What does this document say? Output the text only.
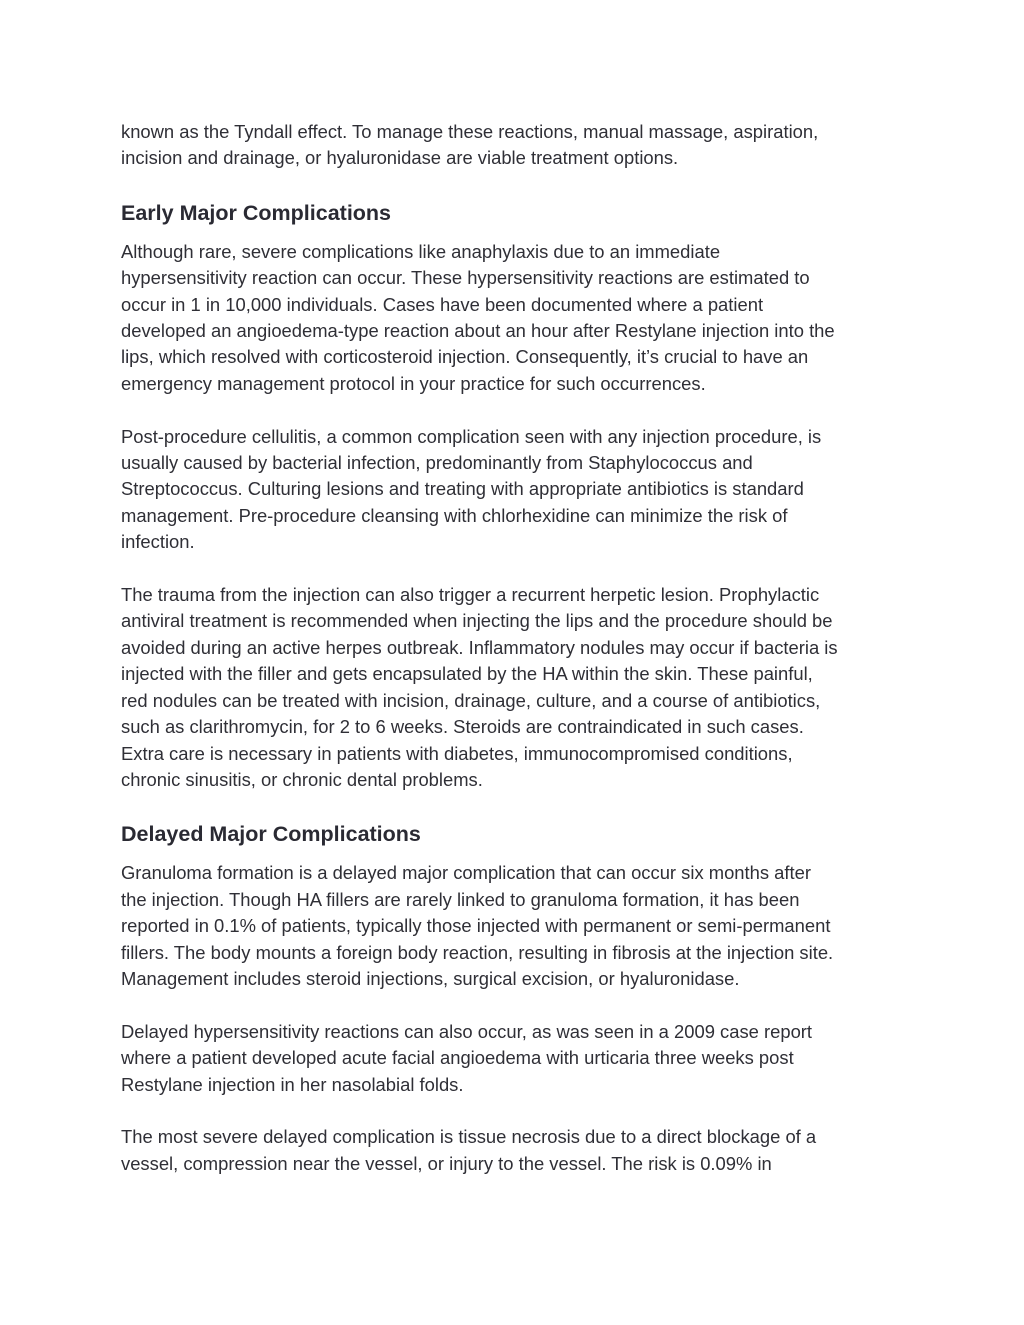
known as the Tyndall effect. To manage these reactions, manual massage, aspiration,
incision and drainage, or hyaluronidase are viable treatment options.

Early Major Complications

Although rare, severe complications like anaphylaxis due to an immediate
hypersensitivity reaction can occur. These hypersensitivity reactions are estimated to
occur in 1 in 10,000 individuals. Cases have been documented where a patient
developed an angioedema-type reaction about an hour after Restylane injection into the
lips, which resolved with corticosteroid injection. Consequently, it’s crucial to have an
emergency management protocol in your practice for such occurrences.

Post-procedure cellulitis, a common complication seen with any injection procedure, is
usually caused by bacterial infection, predominantly from Staphylococcus and
Streptococcus. Culturing lesions and treating with appropriate antibiotics is standard
management. Pre-procedure cleansing with chlorhexidine can minimize the risk of
infection.

The trauma from the injection can also trigger a recurrent herpetic lesion. Prophylactic
antiviral treatment is recommended when injecting the lips and the procedure should be
avoided during an active herpes outbreak. Inflammatory nodules may occur if bacteria is
injected with the filler and gets encapsulated by the HA within the skin. These painful,
red nodules can be treated with incision, drainage, culture, and a course of antibiotics,
such as clarithromycin, for 2 to 6 weeks. Steroids are contraindicated in such cases.
Extra care is necessary in patients with diabetes, immunocompromised conditions,
chronic sinusitis, or chronic dental problems.

Delayed Major Complications

Granuloma formation is a delayed major complication that can occur six months after
the injection. Though HA fillers are rarely linked to granuloma formation, it has been
reported in 0.1% of patients, typically those injected with permanent or semi-permanent
fillers. The body mounts a foreign body reaction, resulting in fibrosis at the injection site.
Management includes steroid injections, surgical excision, or hyaluronidase.

Delayed hypersensitivity reactions can also occur, as was seen in a 2009 case report
where a patient developed acute facial angioedema with urticaria three weeks post
Restylane injection in her nasolabial folds.

The most severe delayed complication is tissue necrosis due to a direct blockage of a
vessel, compression near the vessel, or injury to the vessel. The risk is 0.09% in
